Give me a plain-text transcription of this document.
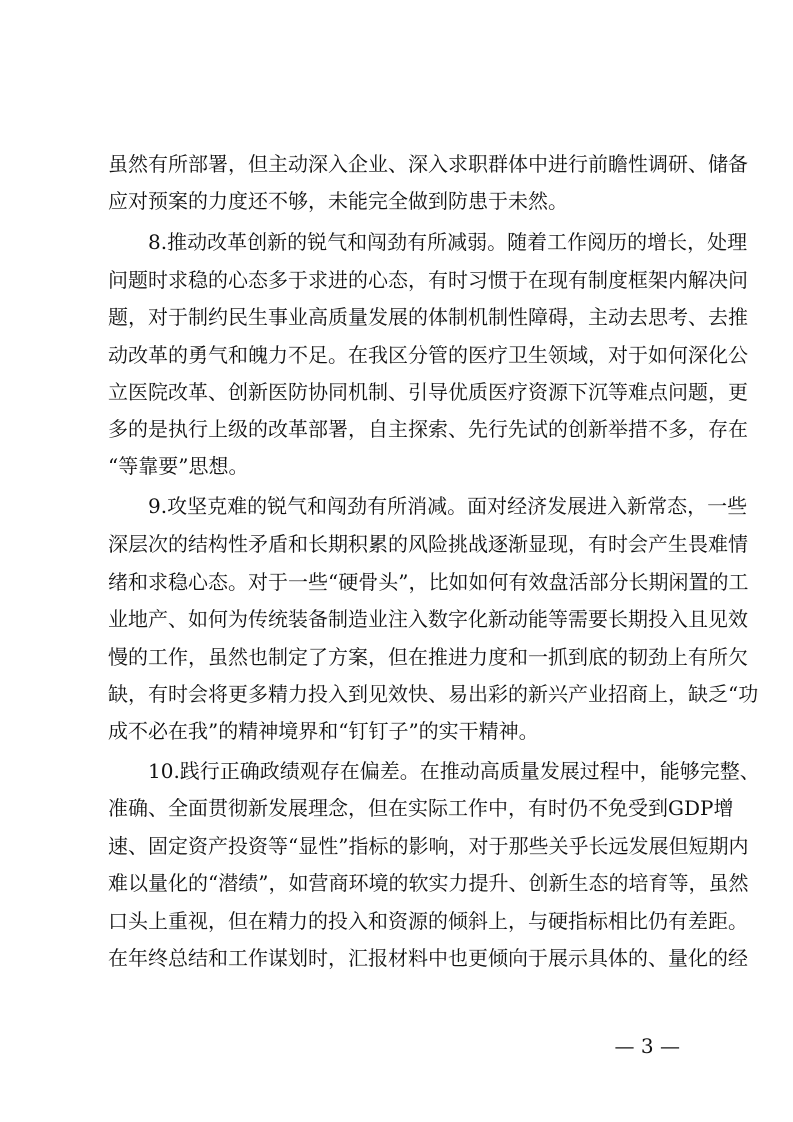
虽然有所部署，但主动深入企业、深入求职群体中进行前瞻性调研、储备
应对预案的力度还不够，未能完全做到防患于未然。
8.推动改革创新的锐气和闯劲有所减弱。随着工作阅历的增长，处理
问题时求稳的心态多于求进的心态，有时习惯于在现有制度框架内解决问
题，对于制约民生事业高质量发展的体制机制性障碍，主动去思考、去推
动改革的勇气和魄力不足。在我区分管的医疗卫生领域，对于如何深化公
立医院改革、创新医防协同机制、引导优质医疗资源下沉等难点问题，更
多的是执行上级的改革部署，自主探索、先行先试的创新举措不多，存在
“等靠要”思想。
9.攻坚克难的锐气和闯劲有所消减。面对经济发展进入新常态，一些
深层次的结构性矛盾和长期积累的风险挑战逐渐显现，有时会产生畏难情
绪和求稳心态。对于一些“硬骨头”，比如如何有效盘活部分长期闲置的工
业地产、如何为传统装备制造业注入数字化新动能等需要长期投入且见效
慢的工作，虽然也制定了方案，但在推进力度和一抓到底的韧劲上有所欠
缺，有时会将更多精力投入到见效快、易出彩的新兴产业招商上，缺乏“功
成不必在我”的精神境界和“钉钉子”的实干精神。
10.践行正确政绩观存在偏差。在推动高质量发展过程中，能够完整、
准确、全面贯彻新发展理念，但在实际工作中，有时仍不免受到GDP增
速、固定资产投资等“显性”指标的影响，对于那些关乎长远发展但短期内
难以量化的“潜绩”，如营商环境的软实力提升、创新生态的培育等，虽然
口头上重视，但在精力的投入和资源的倾斜上，与硬指标相比仍有差距。
在年终总结和工作谋划时，汇报材料中也更倾向于展示具体的、量化的经
— 3 —
